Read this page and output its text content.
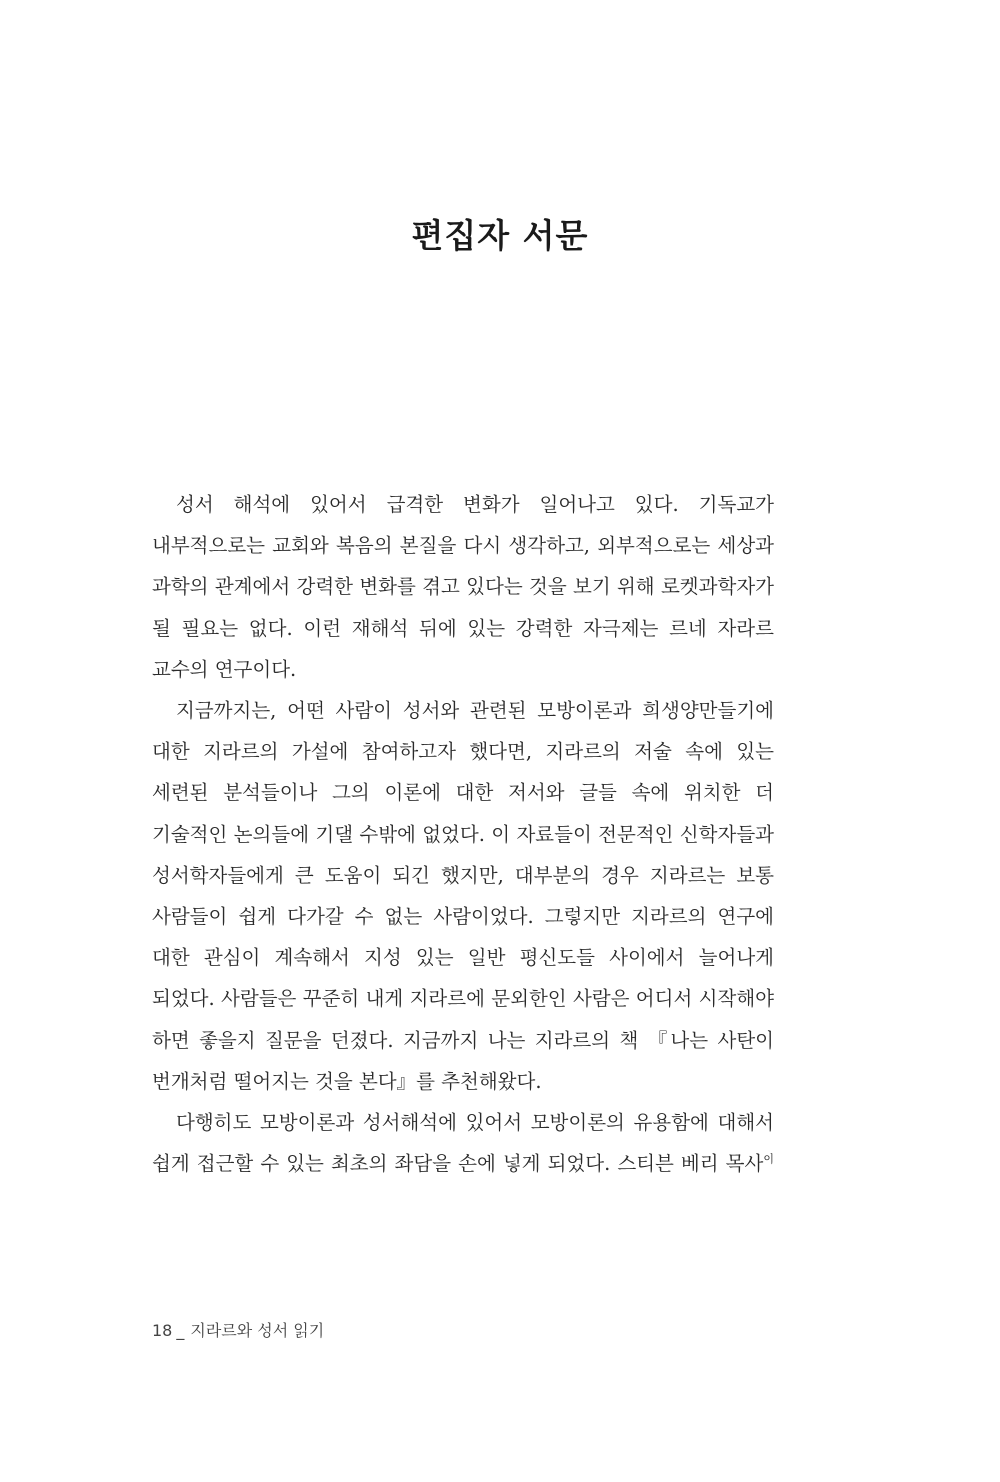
편집자 서문

성서 해석에 있어서 급격한 변화가 일어나고 있다. 기독교가 내부적으로는 교회와 복음의 본질을 다시 생각하고, 외부적으로는 세상과 과학의 관계에서 강력한 변화를 겪고 있다는 것을 보기 위해 로켓과학자가 될 필요는 없다. 이런 재해석 뒤에 있는 강력한 자극제는 르네 자라르 교수의 연구이다.

지금까지는, 어떤 사람이 성서와 관련된 모방이론과 희생양만들기에 대한 지라르의 가설에 참여하고자 했다면, 지라르의 저술 속에 있는 세련된 분석들이나 그의 이론에 대한 저서와 글들 속에 위치한 더 기술적인 논의들에 기댈 수밖에 없었다. 이 자료들이 전문적인 신학자들과 성서학자들에게 큰 도움이 되긴 했지만, 대부분의 경우 지라르는 보통 사람들이 쉽게 다가갈 수 없는 사람이었다. 그렇지만 지라르의 연구에 대한 관심이 계속해서 지성 있는 일반 평신도들 사이에서 늘어나게 되었다. 사람들은 꾸준히 내게 지라르에 문외한인 사람은 어디서 시작해야 하면 좋을지 질문을 던졌다. 지금까지 나는 지라르의 책 『나는 사탄이 번개처럼 떨어지는 것을 본다』를 추천해왔다.

다행히도 모방이론과 성서해석에 있어서 모방이론의 유용함에 대해서 쉽게 접근할 수 있는 최초의 좌담을 손에 넣게 되었다. 스티븐 베리 목사$^이$

18 _ 지라르와 성서 읽기
